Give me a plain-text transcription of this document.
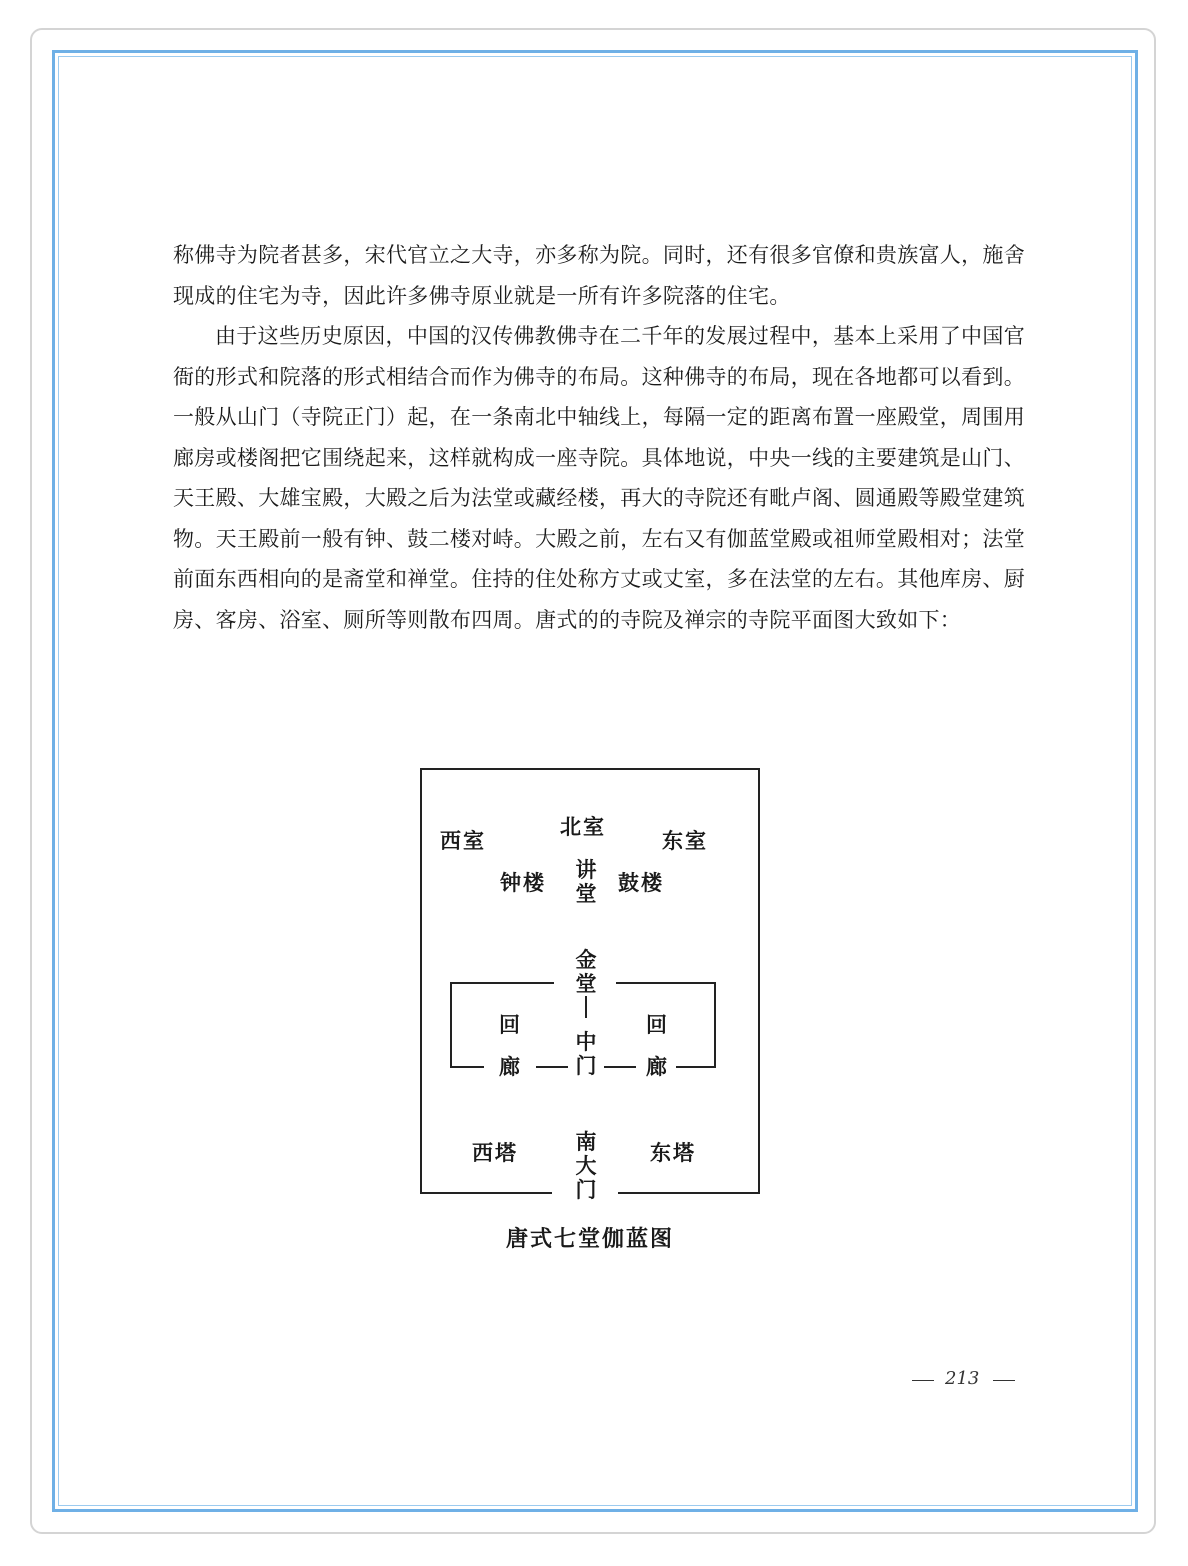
称佛寺为院者甚多，宋代官立之大寺，亦多称为院。同时，还有很多官僚和贵族富人，施舍现成的住宅为寺，因此许多佛寺原业就是一所有许多院落的住宅。

由于这些历史原因，中国的汉传佛教佛寺在二千年的发展过程中，基本上采用了中国官衙的形式和院落的形式相结合而作为佛寺的布局。这种佛寺的布局，现在各地都可以看到。一般从山门（寺院正门）起，在一条南北中轴线上，每隔一定的距离布置一座殿堂，周围用廊房或楼阁把它围绕起来，这样就构成一座寺院。具体地说，中央一线的主要建筑是山门、天王殿、大雄宝殿，大殿之后为法堂或藏经楼，再大的寺院还有毗卢阁、圆通殿等殿堂建筑物。天王殿前一般有钟、鼓二楼对峙。大殿之前，左右又有伽蓝堂殿或祖师堂殿相对；法堂前面东西相向的是斋堂和禅堂。住持的住处称方丈或丈室，多在法堂的左右。其他库房、厨房、客房、浴室、厕所等则散布四周。唐式的的寺院及禅宗的寺院平面图大致如下：

西室
北室
东室
钟楼
讲堂 鼓楼
金堂
回
廊
中门
回
廊
西塔	南大门
东塔
唐式七堂伽蓝图
213
